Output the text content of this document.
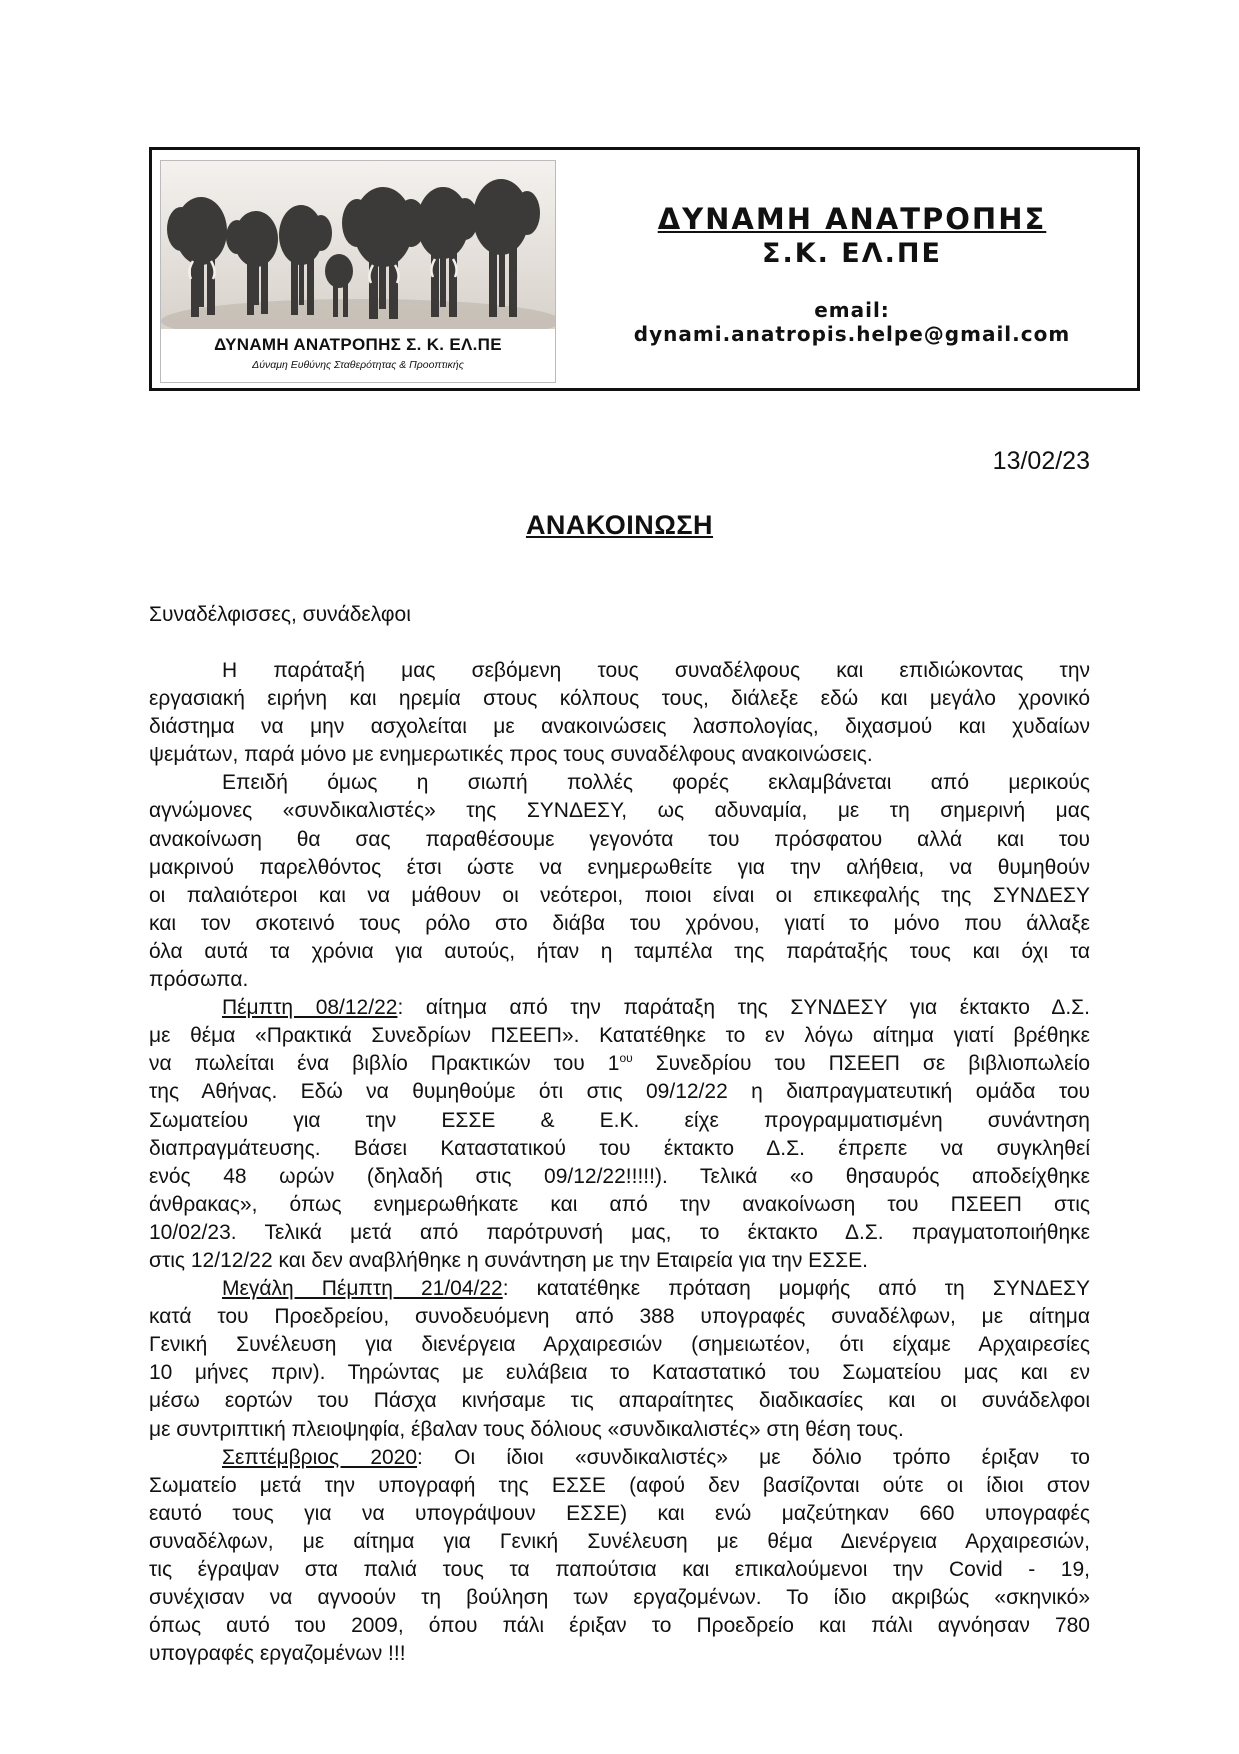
ΔΥΝΑΜΗ ΑΝΑΤΡΟΠΗΣ Σ. Κ. ΕΛ.ΠΕ
Δύναμη Ευθύνης Σταθερότητας & Προοπτικής
ΔΥΝΑΜΗ ΑΝΑΤΡΟΠΗΣ
Σ.Κ. ΕΛ.ΠΕ
email:
dynami.anatropis.helpe@gmail.com
13/02/23
ΑΝΑΚΟΙΝΩΣΗ
Συναδέλφισσες, συνάδελφοι
Η παράταξή μας σεβόμενη τους συναδέλφους και επιδιώκοντας την
εργασιακή ειρήνη και ηρεμία στους κόλπους τους, διάλεξε εδώ και μεγάλο χρονικό
διάστημα να μην ασχολείται με ανακοινώσεις λασπολογίας, διχασμού και χυδαίων
ψεμάτων, παρά μόνο με ενημερωτικές προς τους συναδέλφους ανακοινώσεις.
Επειδή όμως η σιωπή πολλές φορές εκλαμβάνεται από μερικούς
αγνώμονες «συνδικαλιστές» της ΣΥΝΔΕΣΥ, ως αδυναμία, με τη σημερινή μας
ανακοίνωση θα σας παραθέσουμε γεγονότα του πρόσφατου αλλά και του
μακρινού παρελθόντος έτσι ώστε να ενημερωθείτε για την αλήθεια, να θυμηθούν
οι παλαιότεροι και να μάθουν οι νεότεροι, ποιοι είναι οι επικεφαλής της ΣΥΝΔΕΣΥ
και τον σκοτεινό τους ρόλο στο διάβα του χρόνου, γιατί το μόνο που άλλαξε
όλα αυτά τα χρόνια για αυτούς, ήταν η ταμπέλα της παράταξής τους και όχι τα
πρόσωπα.
Πέμπτη 08/12/22: αίτημα από την παράταξη της ΣΥΝΔΕΣΥ για έκτακτο Δ.Σ.
με θέμα «Πρακτικά Συνεδρίων ΠΣΕΕΠ». Κατατέθηκε το εν λόγω αίτημα γιατί βρέθηκε
να πωλείται ένα βιβλίο Πρακτικών του $1^{o\upsilon}$ Συνεδρίου του ΠΣΕΕΠ σε βιβλιοπωλείο
της Αθήνας. Εδώ να θυμηθούμε ότι στις 09/12/22 η διαπραγματευτική ομάδα του
Σωματείου για την ΕΣΣΕ & Ε.Κ. είχε προγραμματισμένη συνάντηση
διαπραγμάτευσης. Βάσει Καταστατικού του έκτακτο Δ.Σ. έπρεπε να συγκληθεί
ενός 48 ωρών (δηλαδή στις 09/12/22!!!!!). Τελικά «ο θησαυρός αποδείχθηκε
άνθρακας», όπως ενημερωθήκατε και από την ανακοίνωση του ΠΣΕΕΠ στις
10/02/23. Τελικά μετά από παρότρυνσή μας, το έκτακτο Δ.Σ. πραγματοποιήθηκε
στις 12/12/22 και δεν αναβλήθηκε η συνάντηση με την Εταιρεία για την ΕΣΣΕ.
Μεγάλη Πέμπτη 21/04/22: κατατέθηκε πρόταση μομφής από τη ΣΥΝΔΕΣΥ
κατά του Προεδρείου, συνοδευόμενη από 388 υπογραφές συναδέλφων, με αίτημα
Γενική Συνέλευση για διενέργεια Αρχαιρεσιών (σημειωτέον, ότι είχαμε Αρχαιρεσίες
10 μήνες πριν). Τηρώντας με ευλάβεια το Καταστατικό του Σωματείου μας και εν
μέσω εορτών του Πάσχα κινήσαμε τις απαραίτητες διαδικασίες και οι συνάδελφοι
με συντριπτική πλειοψηφία, έβαλαν τους δόλιους «συνδικαλιστές» στη θέση τους.
Σεπτέμβριος 2020: Οι ίδιοι «συνδικαλιστές» με δόλιο τρόπο έριξαν το
Σωματείο μετά την υπογραφή της ΕΣΣΕ (αφού δεν βασίζονται ούτε οι ίδιοι στον
εαυτό τους για να υπογράψουν ΕΣΣΕ) και ενώ μαζεύτηκαν 660 υπογραφές
συναδέλφων, με αίτημα για Γενική Συνέλευση με θέμα Διενέργεια Αρχαιρεσιών,
τις έγραψαν στα παλιά τους τα παπούτσια και επικαλούμενοι την Covid - 19,
συνέχισαν να αγνοούν τη βούληση των εργαζομένων. Το ίδιο ακριβώς «σκηνικό»
όπως αυτό του 2009, όπου πάλι έριξαν το Προεδρείο και πάλι αγνόησαν 780
υπογραφές εργαζομένων !!!
